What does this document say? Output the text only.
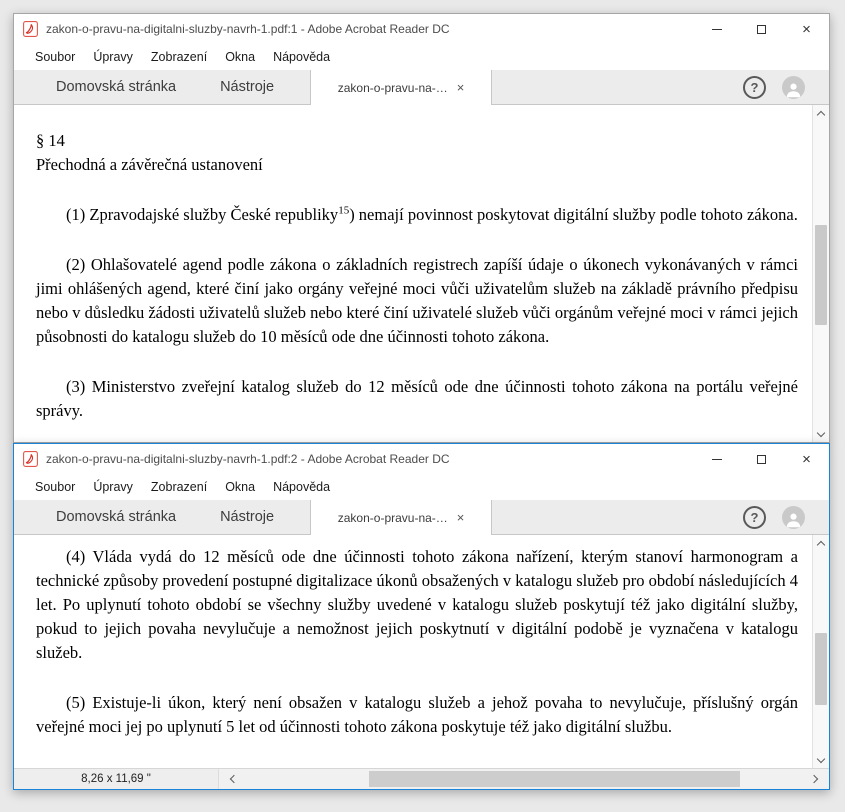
zakon-o-pravu-na-digitalni-sluzby-navrh-1.pdf:1 - Adobe Acrobat Reader DC	×
Soubor	Úpravy	Zobrazení	Okna	Nápověda
Domovská stránka	Nástroje	zakon-o-pravu-na-… ×	?

§ 14
Přechodná a závěrečná ustanovení

(1) Zpravodajské služby České republiky$^{15}$) nemají povinnost poskytovat digitální služby podle tohoto zákona.

(2) Ohlašovatelé agend podle zákona o základních registrech zapíší údaje o úkonech vykonávaných v rámci jimi ohlášených agend, které činí jako orgány veřejné moci vůči uživatelům služeb na základě právního předpisu nebo v důsledku žádosti uživatelů služeb nebo které činí uživatelé služeb vůči orgánům veřejné moci v rámci jejich působnosti do katalogu služeb do 10 měsíců ode dne účinnosti tohoto zákona.

(3) Ministerstvo zveřejní katalog služeb do 12 měsíců ode dne účinnosti tohoto zákona na portálu veřejné správy.

zakon-o-pravu-na-digitalni-sluzby-navrh-1.pdf:2 - Adobe Acrobat Reader DC	×
Soubor	Úpravy	Zobrazení	Okna	Nápověda
Domovská stránka	Nástroje	zakon-o-pravu-na-… ×	?

(4) Vláda vydá do 12 měsíců ode dne účinnosti tohoto zákona nařízení, kterým stanoví harmonogram a technické způsoby provedení postupné digitalizace úkonů obsažených v katalogu služeb pro období následujících 4 let. Po uplynutí tohoto období se všechny služby uvedené v katalogu služeb poskytují též jako digitální služby, pokud to jejich povaha nevylučuje a nemožnost jejich poskytnutí v digitální podobě je vyznačena v katalogu služeb.

(5) Existuje-li úkon, který není obsažen v katalogu služeb a jehož povaha to nevylučuje, příslušný orgán veřejné moci jej po uplynutí 5 let od účinnosti tohoto zákona poskytuje též jako digitální službu.

8,26 x 11,69 "
